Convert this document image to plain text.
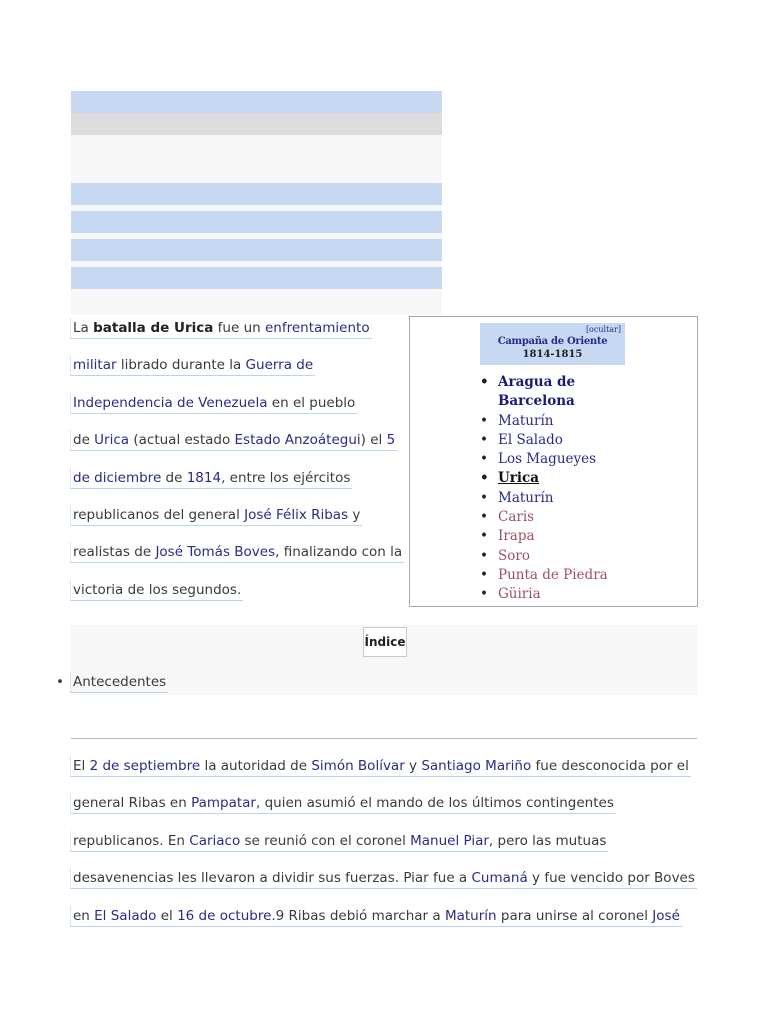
La batalla de Urica fue un enfrentamiento
militar librado durante la Guerra de
Independencia de Venezuela en el pueblo
de Urica (actual estado Estado Anzoátegui) el 5
de diciembre de 1814, entre los ejércitos
republicanos del general José Félix Ribas y
realistas de José Tomás Boves, finalizando con la
victoria de los segundos.
[ocultar]
Campaña de Oriente
1814-1815
• Aragua de Barcelona
• Maturín
• El Salado
• Los Magueyes
• Urica
• Maturín
• Caris
• Irapa
• Soro
• Punta de Piedra
• Güiria
Índice
• Antecedentes
El 2 de septiembre la autoridad de Simón Bolívar y Santiago Mariño fue desconocida por el
general Ribas en Pampatar, quien asumió el mando de los últimos contingentes
republicanos. En Cariaco se reunió con el coronel Manuel Piar, pero las mutuas
desavenencias les llevaron a dividir sus fuerzas. Piar fue a Cumaná y fue vencido por Boves
en El Salado el 16 de octubre.9 Ribas debió marchar a Maturín para unirse al coronel José
